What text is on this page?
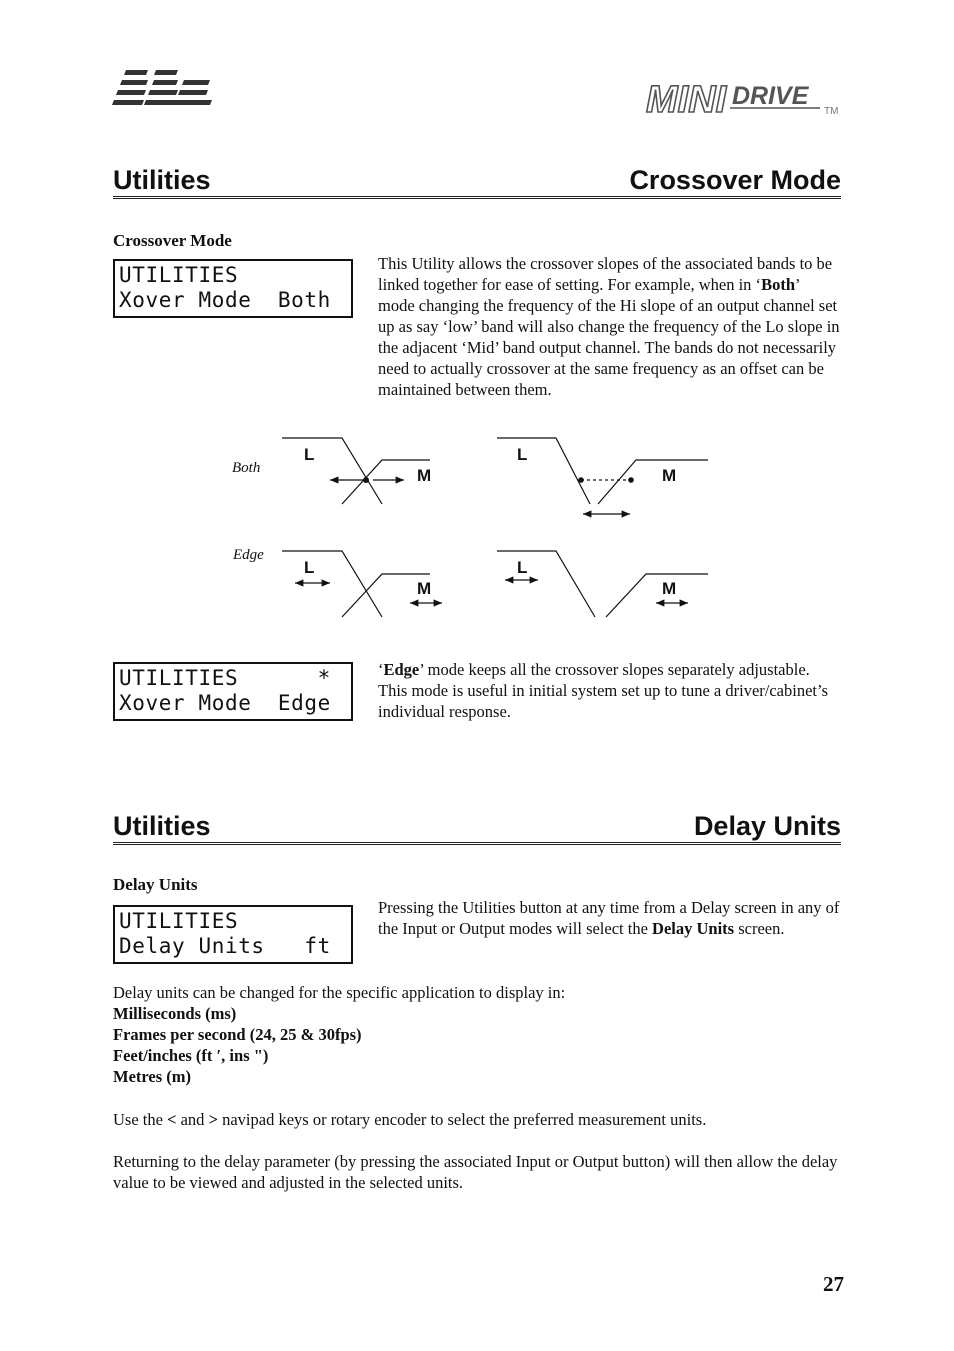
MINI DRIVE
TM
Utilities	Crossover Mode
Crossover Mode
UTILITIES
Xover Mode  Both
This Utility allows the crossover slopes of the associated bands to be linked together for ease of setting. For example, when in ‘Both’ mode changing the frequency of the Hi slope of an output channel set up as say ‘low’ band will also change the frequency of the Lo slope in the adjacent ‘Mid’ band output channel. The bands do not necessarily need to actually crossover at the same frequency as an offset can be maintained between them.
Both
Edge
L
M
L
M
L
M
L
M
UTILITIES      *
Xover Mode  Edge
‘Edge’ mode keeps all the crossover slopes separately adjustable. This mode is useful in initial system set up to tune a driver/cabinet’s individual response.
Utilities	Delay Units
Delay Units
UTILITIES
Delay Units   ft
Pressing the Utilities button at any time from a Delay screen in any of the Input or Output modes will select the Delay Units screen.
Delay units can be changed for the specific application to display in:
Milliseconds (ms)
Frames per second (24, 25 & 30fps)
Feet/inches (ft ′, ins ")
Metres (m)
Use the < and > navipad keys or rotary encoder to select the preferred measurement units.
Returning to the delay parameter (by pressing the associated Input or Output button) will then allow the delay value to be viewed and adjusted in the selected units.
27
